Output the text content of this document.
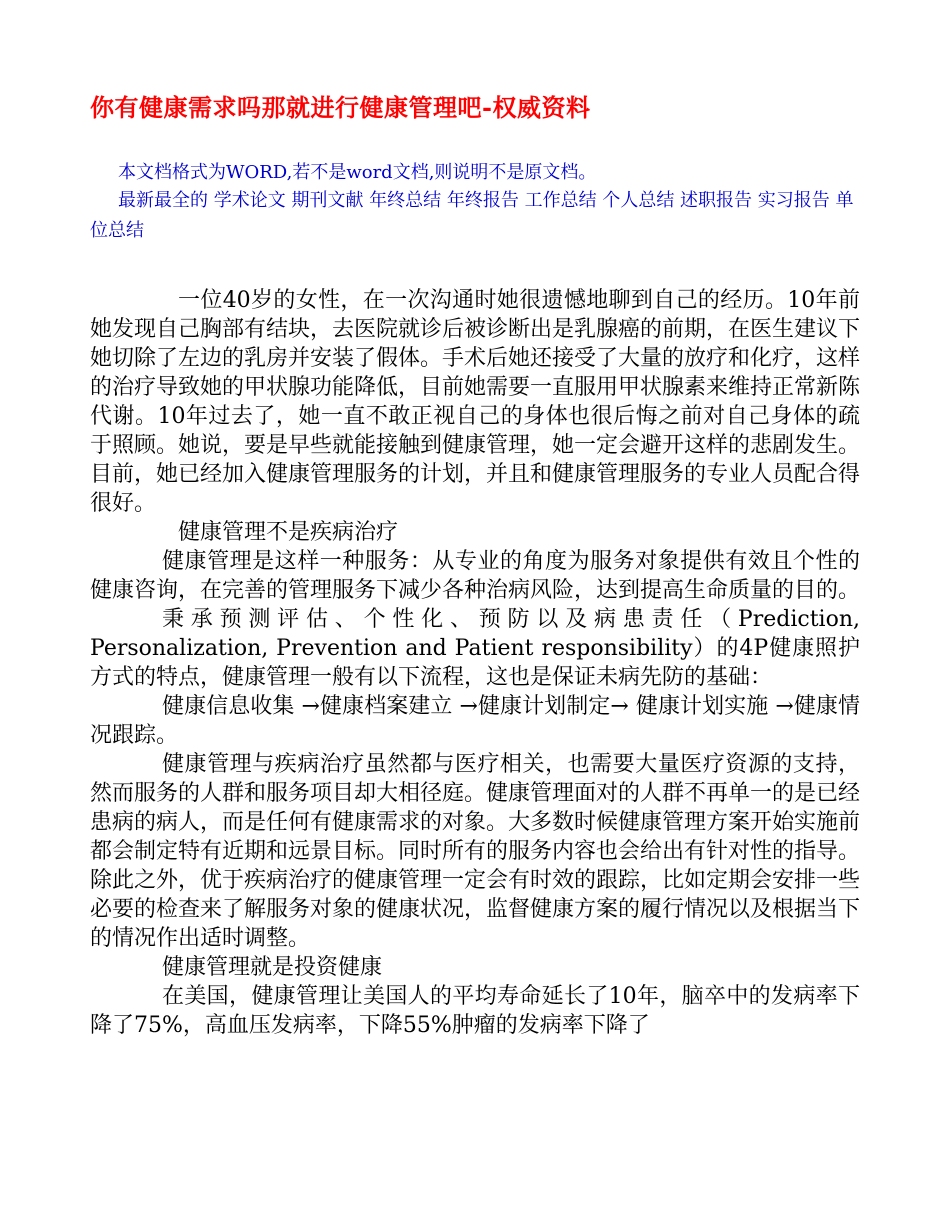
你有健康需求吗那就进行健康管理吧-权威资料

本文档格式为WORD,若不是word文档,则说明不是原文档。

最新最全的 学术论文 期刊文献 年终总结 年终报告 工作总结 个人总结 述职报告 实习报告 单位总结

一位40岁的女性，在一次沟通时她很遗憾地聊到自己的经历。10年前她发现自己胸部有结块，去医院就诊后被诊断出是乳腺癌的前期，在医生建议下她切除了左边的乳房并安装了假体。手术后她还接受了大量的放疗和化疗，这样的治疗导致她的甲状腺功能降低，目前她需要一直服用甲状腺素来维持正常新陈代谢。10年过去了，她一直不敢正视自己的身体也很后悔之前对自己身体的疏于照顾。她说，要是早些就能接触到健康管理，她一定会避开这样的悲剧发生。目前，她已经加入健康管理服务的计划，并且和健康管理服务的专业人员配合得很好。

健康管理不是疾病治疗

健康管理是这样一种服务：从专业的角度为服务对象提供有效且个性的健康咨询，在完善的管理服务下减少各种治病风险，达到提高生命质量的目的。

秉承预测评估、个性化、预防以及病患责任（Prediction, Personalization, Prevention and Patient responsibility）的4P健康照护方式的特点，健康管理一般有以下流程，这也是保证未病先防的基础：

健康信息收集 →健康档案建立 →健康计划制定→ 健康计划实施 →健康情况跟踪。

健康管理与疾病治疗虽然都与医疗相关，也需要大量医疗资源的支持，然而服务的人群和服务项目却大相径庭。健康管理面对的人群不再单一的是已经患病的病人，而是任何有健康需求的对象。大多数时候健康管理方案开始实施前都会制定特有近期和远景目标。同时所有的服务内容也会给出有针对性的指导。除此之外，优于疾病治疗的健康管理一定会有时效的跟踪，比如定期会安排一些必要的检查来了解服务对象的健康状况，监督健康方案的履行情况以及根据当下的情况作出适时调整。

健康管理就是投资健康

在美国，健康管理让美国人的平均寿命延长了10年，脑卒中的发病率下降了75%，高血压发病率，下降55%肿瘤的发病率下降了
